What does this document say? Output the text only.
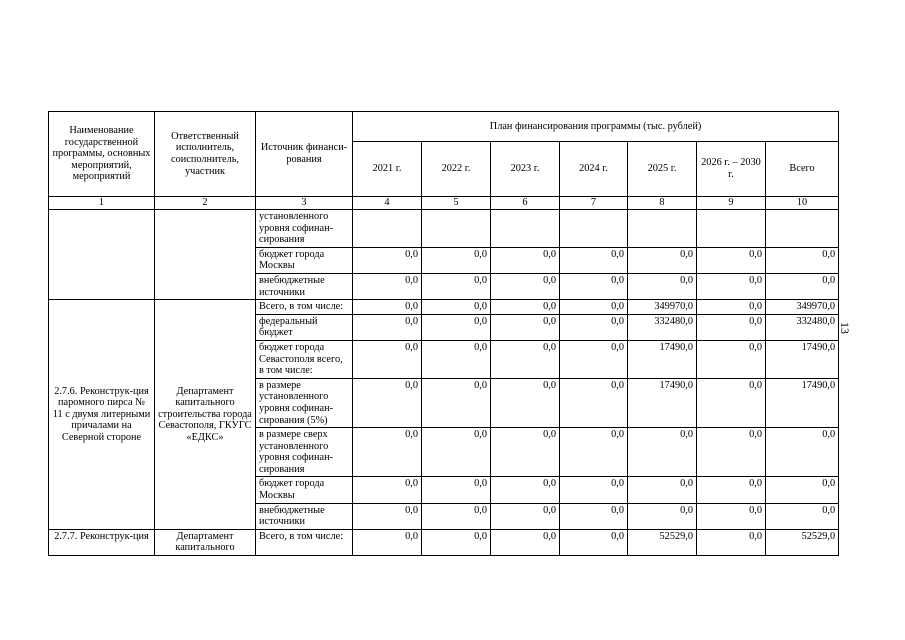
13
Наименование государственной программы, основных мероприятий, мероприятий	Ответственный исполнитель, соисполнитель, участник	Источник финанси-рования	План финансирования программы (тыс. рублей)						
			2021 г.	2022 г.	2023 г.	2024 г.	2025 г.	2026 г. – 2030 г.	Всего
1	2	3	4	5	6	7	8	9	10
		установленного уровня софинан-сирования							
		бюджет города Москвы	0,0	0,0	0,0	0,0	0,0	0,0	0,0
		внебюджетные источники	0,0	0,0	0,0	0,0	0,0	0,0	0,0
2.7.6. Реконструк-ция паромного пирса № 11 с двумя литерными причалами на Северной стороне	Департамент капитального строительства города Севастополя, ГКУГС «ЕДКС»	Всего, в том числе:	0,0	0,0	0,0	0,0	349970,0	0,0	349970,0
		федеральный бюджет	0,0	0,0	0,0	0,0	332480,0	0,0	332480,0
		бюджет города Севастополя всего, в том числе:	0,0	0,0	0,0	0,0	17490,0	0,0	17490,0
		в размере установленного уровня софинан-сирования (5%)	0,0	0,0	0,0	0,0	17490,0	0,0	17490,0
		в размере сверх установленного уровня софинан-сирования	0,0	0,0	0,0	0,0	0,0	0,0	0,0
		бюджет города Москвы	0,0	0,0	0,0	0,0	0,0	0,0	0,0
		внебюджетные источники	0,0	0,0	0,0	0,0	0,0	0,0	0,0
2.7.7. Реконструк-ция	Департамент капитального	Всего, в том числе:	0,0	0,0	0,0	0,0	52529,0	0,0	52529,0
